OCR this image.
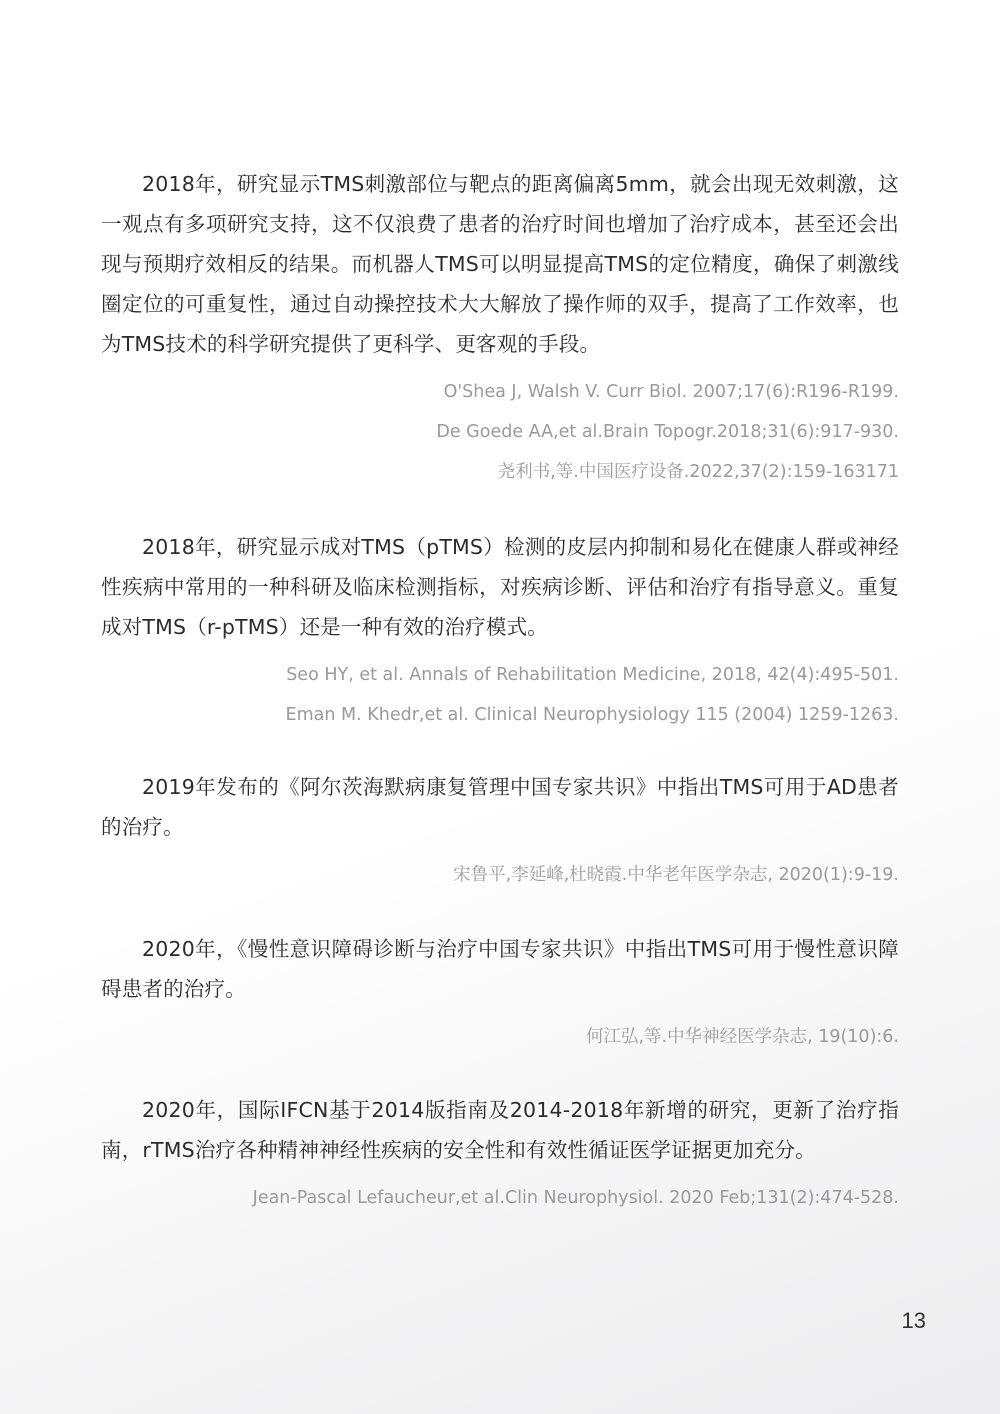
2018年，研究显示TMS刺激部位与靶点的距离偏离5mm，就会出现无效刺激，这一观点有多项研究支持，这不仅浪费了患者的治疗时间也增加了治疗成本，甚至还会出现与预期疗效相反的结果。而机器人TMS可以明显提高TMS的定位精度，确保了刺激线圈定位的可重复性，通过自动操控技术大大解放了操作师的双手，提高了工作效率，也为TMS技术的科学研究提供了更科学、更客观的手段。

O'Shea J, Walsh V. Curr Biol. 2007;17(6):R196-R199.
De Goede AA,et al.Brain Topogr.2018;31(6):917-930.
尧利书,等.中国医疗设备.2022,37(2):159-163171

2018年，研究显示成对TMS（pTMS）检测的皮层内抑制和易化在健康人群或神经性疾病中常用的一种科研及临床检测指标，对疾病诊断、评估和治疗有指导意义。重复成对TMS（r-pTMS）还是一种有效的治疗模式。

Seo HY, et al. Annals of Rehabilitation Medicine, 2018, 42(4):495-501.
Eman M. Khedr,et al. Clinical Neurophysiology 115 (2004) 1259-1263.

2019年发布的《阿尔茨海默病康复管理中国专家共识》中指出TMS可用于AD患者的治疗。

宋鲁平,李延峰,杜晓霞.中华老年医学杂志, 2020(1):9-19.

2020年，《慢性意识障碍诊断与治疗中国专家共识》中指出TMS可用于慢性意识障碍患者的治疗。

何江弘,等.中华神经医学杂志, 19(10):6.

2020年，国际IFCN基于2014版指南及2014-2018年新增的研究，更新了治疗指南，rTMS治疗各种精神神经性疾病的安全性和有效性循证医学证据更加充分。

Jean-Pascal Lefaucheur,et al.Clin Neurophysiol. 2020 Feb;131(2):474-528.
13
